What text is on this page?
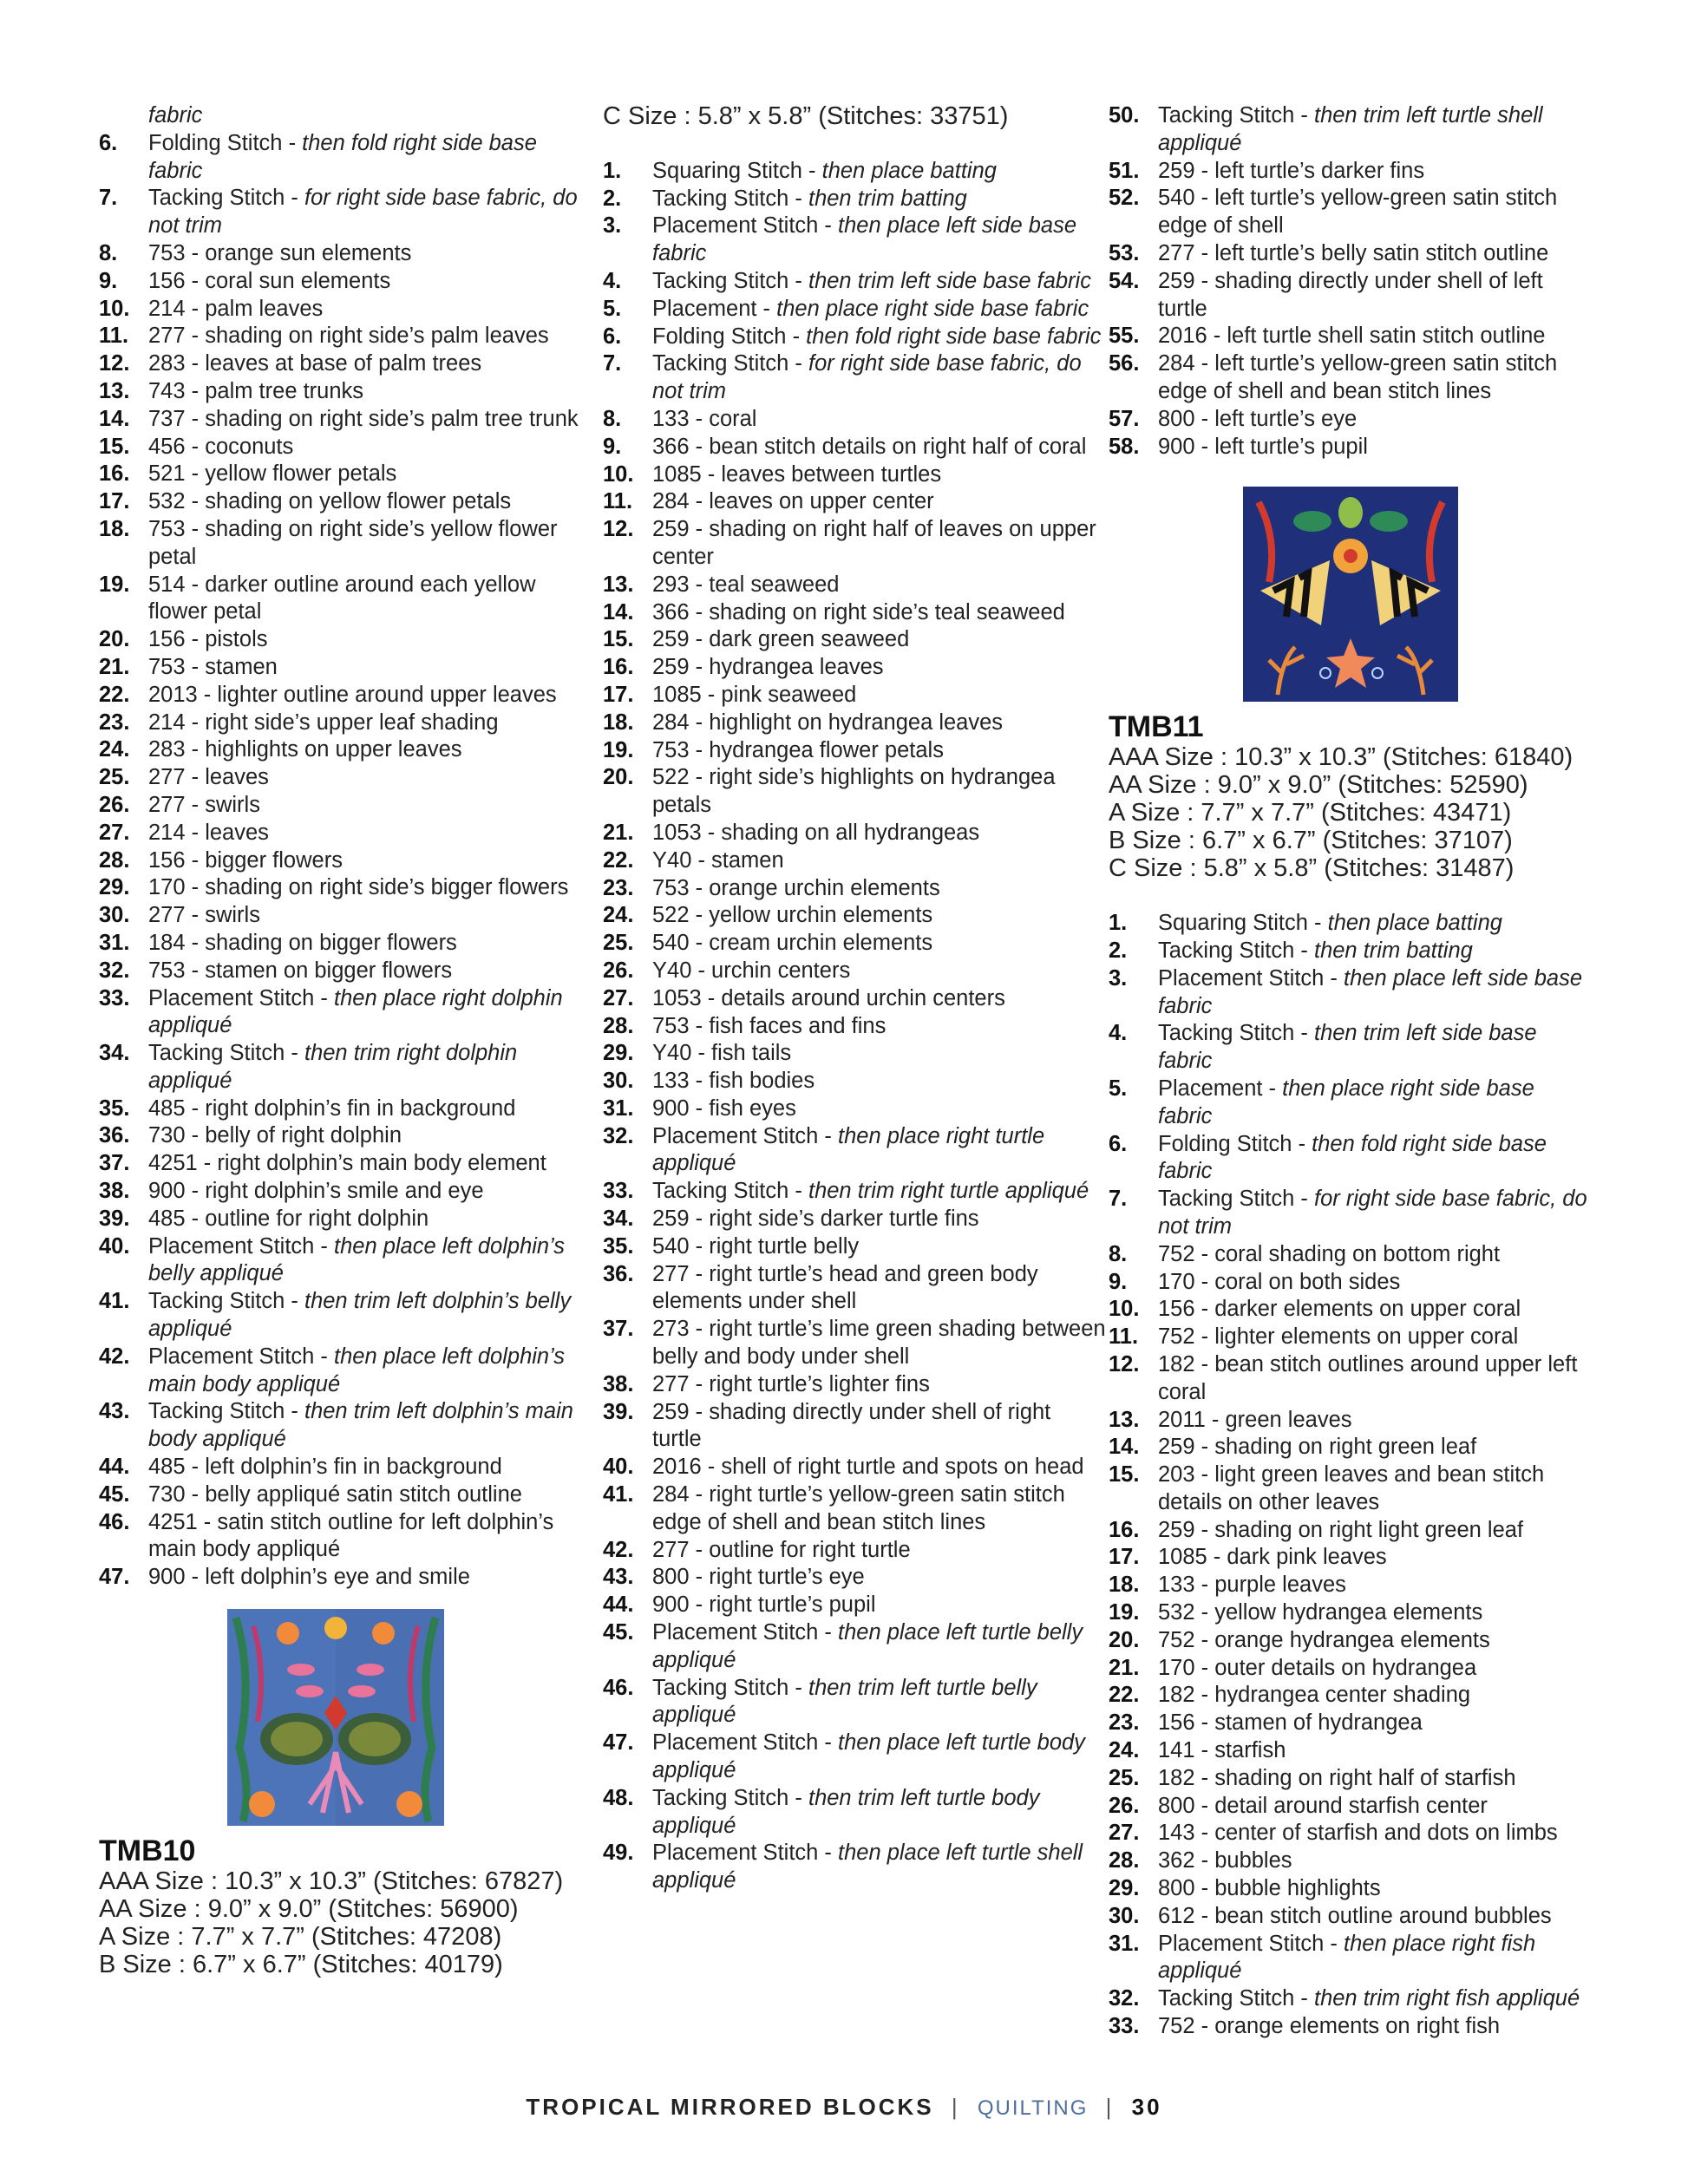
fabric
6.	Folding Stitch - then fold right side base fabric
7.	Tacking Stitch - for right side base fabric, do not trim
8.	753 - orange sun elements
9.	156 - coral sun elements
10. 214 - palm leaves
11. 277 - shading on right side’s palm leaves
12. 283 - leaves at base of palm trees
13. 743 - palm tree trunks
14. 737 - shading on right side’s palm tree trunk
15. 456 - coconuts
16. 521 - yellow flower petals
17. 532 - shading on yellow flower petals
18. 753 - shading on right side’s yellow flower petal
19. 514 - darker outline around each yellow flower petal
20. 156 - pistols
21. 753 - stamen
22. 2013 - lighter outline around upper leaves
23. 214 - right side’s upper leaf shading
24. 283 - highlights on upper leaves
25. 277 - leaves
26. 277 - swirls
27. 214 - leaves
28. 156 - bigger flowers
29. 170 - shading on right side’s bigger flowers
30. 277 - swirls
31. 184 - shading on bigger flowers
32. 753 - stamen on bigger flowers
33. Placement Stitch - then place right dolphin appliqué
34. Tacking Stitch - then trim right dolphin appliqué
35. 485 - right dolphin’s fin in background
36. 730 - belly of right dolphin
37. 4251 - right dolphin’s main body element
38. 900 - right dolphin’s smile and eye
39. 485 - outline for right dolphin
40. Placement Stitch - then place left dolphin’s belly appliqué
41. Tacking Stitch - then trim left dolphin’s belly appliqué
42. Placement Stitch - then place left dolphin’s main body appliqué
43. Tacking Stitch - then trim left dolphin’s main body appliqué
44. 485 - left dolphin’s fin in background
45. 730 - belly appliqué satin stitch outline
46. 4251 - satin stitch outline for left dolphin’s main body appliqué
47. 900 - left dolphin’s eye and smile
TMB10
AAA Size : 10.3” x 10.3” (Stitches: 67827)
AA Size : 9.0” x 9.0” (Stitches: 56900)
A Size : 7.7” x 7.7” (Stitches: 47208)
B Size : 6.7” x 6.7” (Stitches: 40179)
C Size : 5.8” x 5.8” (Stitches: 33751)
1.	Squaring Stitch - then place batting
2.	Tacking Stitch - then trim batting
3.	Placement Stitch - then place left side base fabric
4.	Tacking Stitch - then trim left side base fabric
5.	Placement - then place right side base fabric
6.	Folding Stitch - then fold right side base fabric
7.	Tacking Stitch - for right side base fabric, do not trim
8.	133 - coral
9.	366 - bean stitch details on right half of coral
10. 1085 - leaves between turtles
11. 284 - leaves on upper center
12. 259 - shading on right half of leaves on upper center
13. 293 - teal seaweed
14. 366 - shading on right side’s teal seaweed
15. 259 - dark green seaweed
16. 259 - hydrangea leaves
17. 1085 - pink seaweed
18. 284 - highlight on hydrangea leaves
19. 753 - hydrangea flower petals
20. 522 - right side’s highlights on hydrangea petals
21. 1053 - shading on all hydrangeas
22. Y40 - stamen
23. 753 - orange urchin elements
24. 522 - yellow urchin elements
25. 540 - cream urchin elements
26. Y40 - urchin centers
27. 1053 - details around urchin centers
28. 753 - fish faces and fins
29. Y40 - fish tails
30. 133 - fish bodies
31. 900 - fish eyes
32. Placement Stitch - then place right turtle appliqué
33. Tacking Stitch - then trim right turtle appliqué
34. 259 - right side’s darker turtle fins
35. 540 - right turtle belly
36. 277 - right turtle’s head and green body elements under shell
37. 273 - right turtle’s lime green shading between belly and body under shell
38. 277 - right turtle’s lighter fins
39. 259 - shading directly under shell of right turtle
40. 2016 - shell of right turtle and spots on head
41. 284 - right turtle’s yellow-green satin stitch edge of shell and bean stitch lines
42. 277 - outline for right turtle
43. 800 - right turtle’s eye
44. 900 - right turtle’s pupil
45. Placement Stitch - then place left turtle belly appliqué
46. Tacking Stitch - then trim left turtle belly appliqué
47. Placement Stitch - then place left turtle body appliqué
48. Tacking Stitch - then trim left turtle body appliqué
49. Placement Stitch - then place left turtle shell appliqué
50. Tacking Stitch - then trim left turtle shell appliqué
51. 259 - left turtle’s darker fins
52. 540 - left turtle’s yellow-green satin stitch edge of shell
53. 277 - left turtle’s belly satin stitch outline
54. 259 - shading directly under shell of left turtle
55. 2016 - left turtle shell satin stitch outline
56. 284 - left turtle’s yellow-green satin stitch edge of shell and bean stitch lines
57. 800 - left turtle’s eye
58. 900 - left turtle’s pupil
TMB11
AAA Size : 10.3” x 10.3” (Stitches: 61840)
AA Size : 9.0” x 9.0” (Stitches: 52590)
A Size : 7.7” x 7.7” (Stitches: 43471)
B Size : 6.7” x 6.7” (Stitches: 37107)
C Size : 5.8” x 5.8” (Stitches: 31487)
1.	Squaring Stitch - then place batting
2.	Tacking Stitch - then trim batting
3.	Placement Stitch - then place left side base fabric
4.	Tacking Stitch - then trim left side base fabric
5.	Placement - then place right side base fabric
6.	Folding Stitch - then fold right side base fabric
7.	Tacking Stitch - for right side base fabric, do not trim
8.	752 - coral shading on bottom right
9.	170 - coral on both sides
10. 156 - darker elements on upper coral
11. 752 - lighter elements on upper coral
12. 182 - bean stitch outlines around upper left coral
13. 2011 - green leaves
14. 259 - shading on right green leaf
15. 203 - light green leaves and bean stitch details on other leaves
16. 259 - shading on right light green leaf
17. 1085 - dark pink leaves
18. 133 - purple leaves
19. 532 - yellow hydrangea elements
20. 752 - orange hydrangea elements
21. 170 - outer details on hydrangea
22. 182 - hydrangea center shading
23. 156 - stamen of hydrangea
24. 141 - starfish
25. 182 - shading on right half of starfish
26. 800 - detail around starfish center
27. 143 - center of starfish and dots on limbs
28. 362 - bubbles
29. 800 - bubble highlights
30. 612 - bean stitch outline around bubbles
31. Placement Stitch - then place right fish appliqué
32. Tacking Stitch - then trim right fish appliqué
33. 752 - orange elements on right fish
TROPICAL MIRRORED BLOCKS | QUILTING | 30
